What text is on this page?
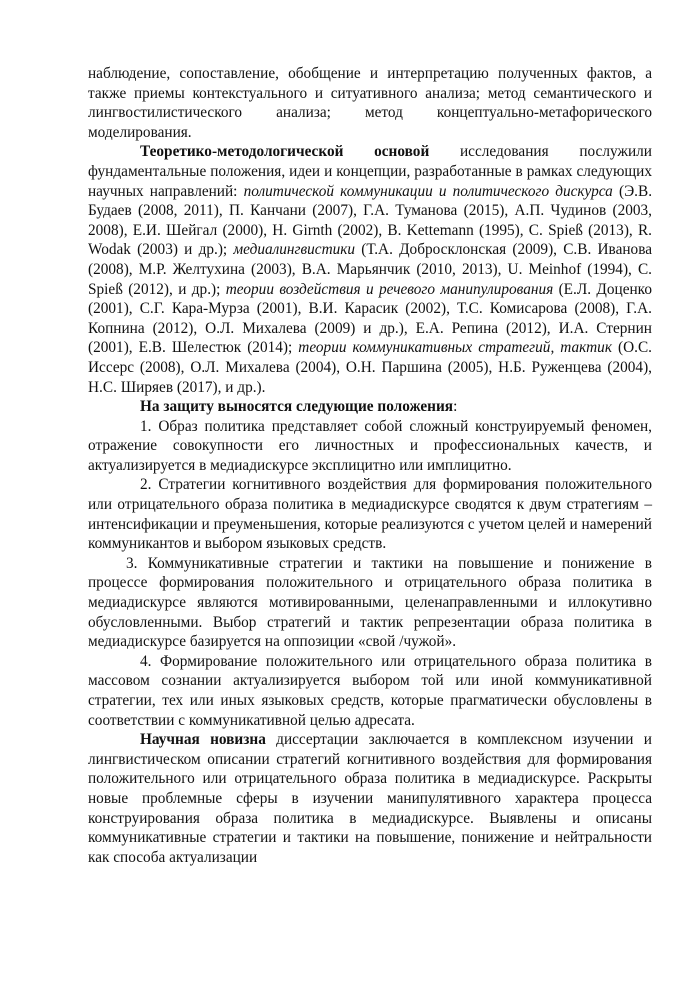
наблюдение, сопоставление, обобщение и интерпретацию полученных фактов, а также приемы контекстуального и ситуативного анализа; метод семантического и лингвостилистического анализа; метод концептуально-метафорического моделирования.

Теоретико-методологической основой исследования послужили фундаментальные положения, идеи и концепции, разработанные в рамках следующих научных направлений: политической коммуникации и политического дискурса (Э.В. Будаев (2008, 2011), П. Канчани (2007), Г.А. Туманова (2015), А.П. Чудинов (2003, 2008), Е.И. Шейгал (2000), H. Girnth (2002), B. Kettemann (1995), C. Spieß (2013), R. Wodak (2003) и др.); медиалингвистики (Т.А. Добросклонская (2009), С.В. Иванова (2008), М.Р. Желтухина (2003), В.А. Марьянчик (2010, 2013), U. Meinhof (1994), C. Spieß (2012), и др.); теории воздействия и речевого манипулирования (Е.Л. Доценко (2001), С.Г. Кара-Мурза (2001), В.И. Карасик (2002), Т.С. Комисарова (2008), Г.А. Копнина (2012), О.Л. Михалева (2009) и др.), Е.А. Репина (2012), И.А. Стернин (2001), Е.В. Шелестюк (2014); теории коммуникативных стратегий, тактик (О.С. Иссерс (2008), О.Л. Михалева (2004), О.Н. Паршина (2005), Н.Б. Руженцева (2004), Н.С. Ширяев (2017), и др.).

На защиту выносятся следующие положения:

1. Образ политика представляет собой сложный конструируемый феномен, отражение совокупности его личностных и профессиональных качеств, и актуализируется в медиадискурсе эксплицитно или имплицитно.

2. Стратегии когнитивного воздействия для формирования положительного или отрицательного образа политика в медиадискурсе сводятся к двум стратегиям – интенсификации и преуменьшения, которые реализуются с учетом целей и намерений коммуникантов и выбором языковых средств.

3. Коммуникативные стратегии и тактики на повышение и понижение в процессе формирования положительного и отрицательного образа политика в медиадискурсе являются мотивированными, целенаправленными и иллокутивно обусловленными. Выбор стратегий и тактик репрезентации образа политика в медиадискурсе базируется на оппозиции «свой /чужой».

4. Формирование положительного или отрицательного образа политика в массовом сознании актуализируется выбором той или иной коммуникативной стратегии, тех или иных языковых средств, которые прагматически обусловлены в соответствии с коммуникативной целью адресата.

Научная новизна диссертации заключается в комплексном изучении и лингвистическом описании стратегий когнитивного воздействия для формирования положительного или отрицательного образа политика в медиадискурсе. Раскрыты новые проблемные сферы в изучении манипулятивного характера процесса конструирования образа политика в медиадискурсе. Выявлены и описаны коммуникативные стратегии и тактики на повышение, понижение и нейтральности как способа актуализации
